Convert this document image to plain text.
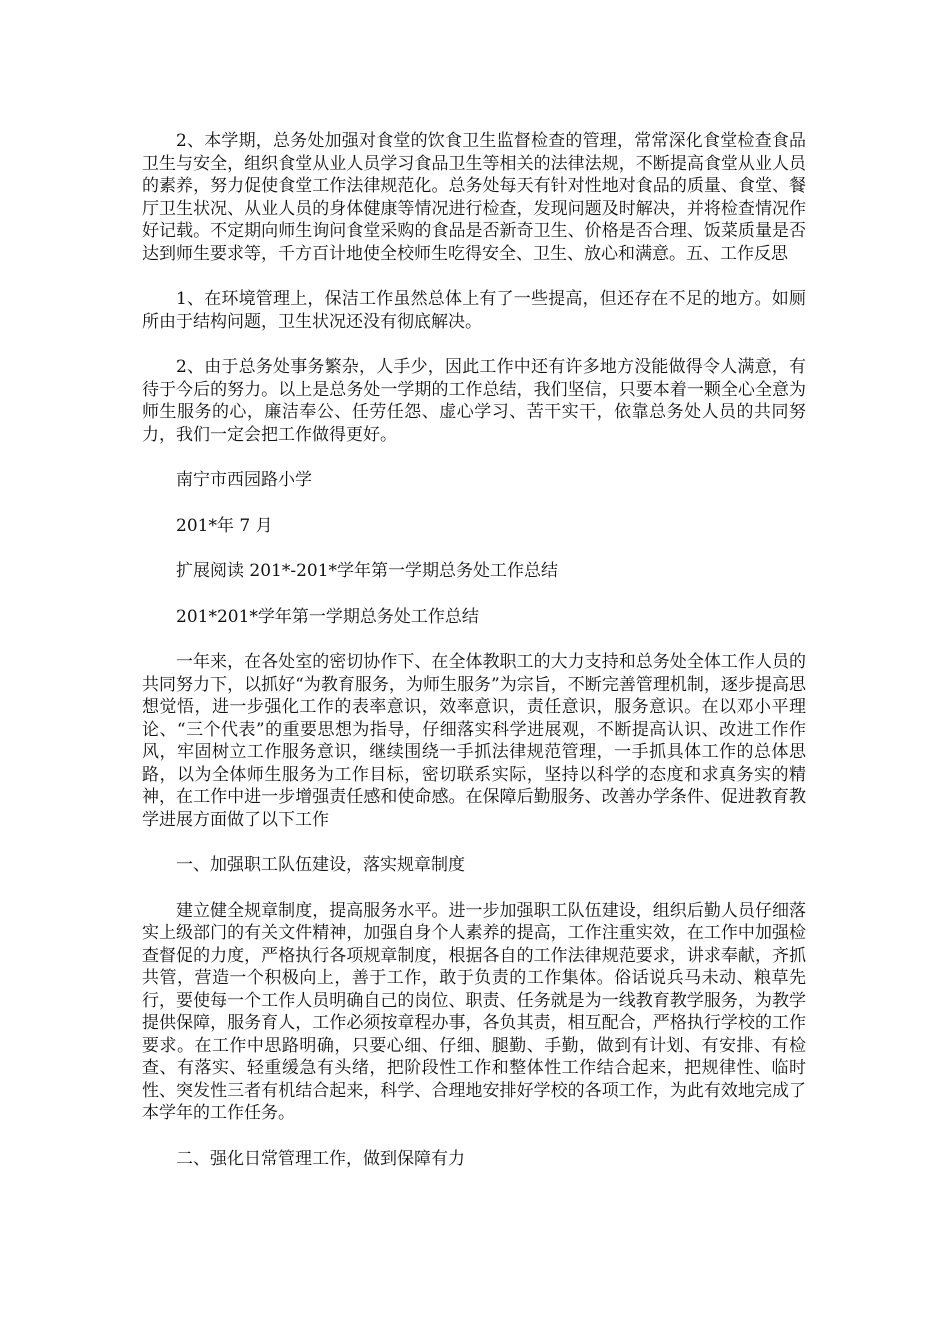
2、本学期，总务处加强对食堂的饮食卫生监督检查的管理，常常深化食堂检查食品卫生与安全，组织食堂从业人员学习食品卫生等相关的法律法规，不断提高食堂从业人员的素养，努力促使食堂工作法律规范化。总务处每天有针对性地对食品的质量、食堂、餐厅卫生状况、从业人员的身体健康等情况进行检查，发现问题及时解决，并将检查情况作好记载。不定期向师生询问食堂采购的食品是否新奇卫生、价格是否合理、饭菜质量是否达到师生要求等，千方百计地使全校师生吃得安全、卫生、放心和满意。五、工作反思

1、在环境管理上，保洁工作虽然总体上有了一些提高，但还存在不足的地方。如厕所由于结构问题，卫生状况还没有彻底解决。

2、由于总务处事务繁杂，人手少，因此工作中还有许多地方没能做得令人满意，有待于今后的努力。以上是总务处一学期的工作总结，我们坚信，只要本着一颗全心全意为师生服务的心，廉洁奉公、任劳任怨、虚心学习、苦干实干，依靠总务处人员的共同努力，我们一定会把工作做得更好。

南宁市西园路小学

201*年 7 月

扩展阅读 201*-201*学年第一学期总务处工作总结

201*201*学年第一学期总务处工作总结

一年来，在各处室的密切协作下、在全体教职工的大力支持和总务处全体工作人员的共同努力下，以抓好“为教育服务，为师生服务”为宗旨，不断完善管理机制，逐步提高思想觉悟，进一步强化工作的表率意识，效率意识，责任意识，服务意识。在以邓小平理论、“三个代表”的重要思想为指导，仔细落实科学进展观，不断提高认识、改进工作作风，牢固树立工作服务意识，继续围绕一手抓法律规范管理，一手抓具体工作的总体思路，以为全体师生服务为工作目标，密切联系实际，坚持以科学的态度和求真务实的精神，在工作中进一步增强责任感和使命感。在保障后勤服务、改善办学条件、促进教育教学进展方面做了以下工作

一、加强职工队伍建设，落实规章制度

建立健全规章制度，提高服务水平。进一步加强职工队伍建设，组织后勤人员仔细落实上级部门的有关文件精神，加强自身个人素养的提高，工作注重实效，在工作中加强检查督促的力度，严格执行各项规章制度，根据各自的工作法律规范要求，讲求奉献，齐抓共管，营造一个积极向上，善于工作，敢于负责的工作集体。俗话说兵马未动、粮草先行，要使每一个工作人员明确自己的岗位、职责、任务就是为一线教育教学服务，为教学提供保障，服务育人，工作必须按章程办事，各负其责，相互配合，严格执行学校的工作要求。在工作中思路明确，只要心细、仔细、腿勤、手勤，做到有计划、有安排、有检查、有落实、轻重缓急有头绪，把阶段性工作和整体性工作结合起来，把规律性、临时性、突发性三者有机结合起来，科学、合理地安排好学校的各项工作，为此有效地完成了本学年的工作任务。

二、强化日常管理工作，做到保障有力
